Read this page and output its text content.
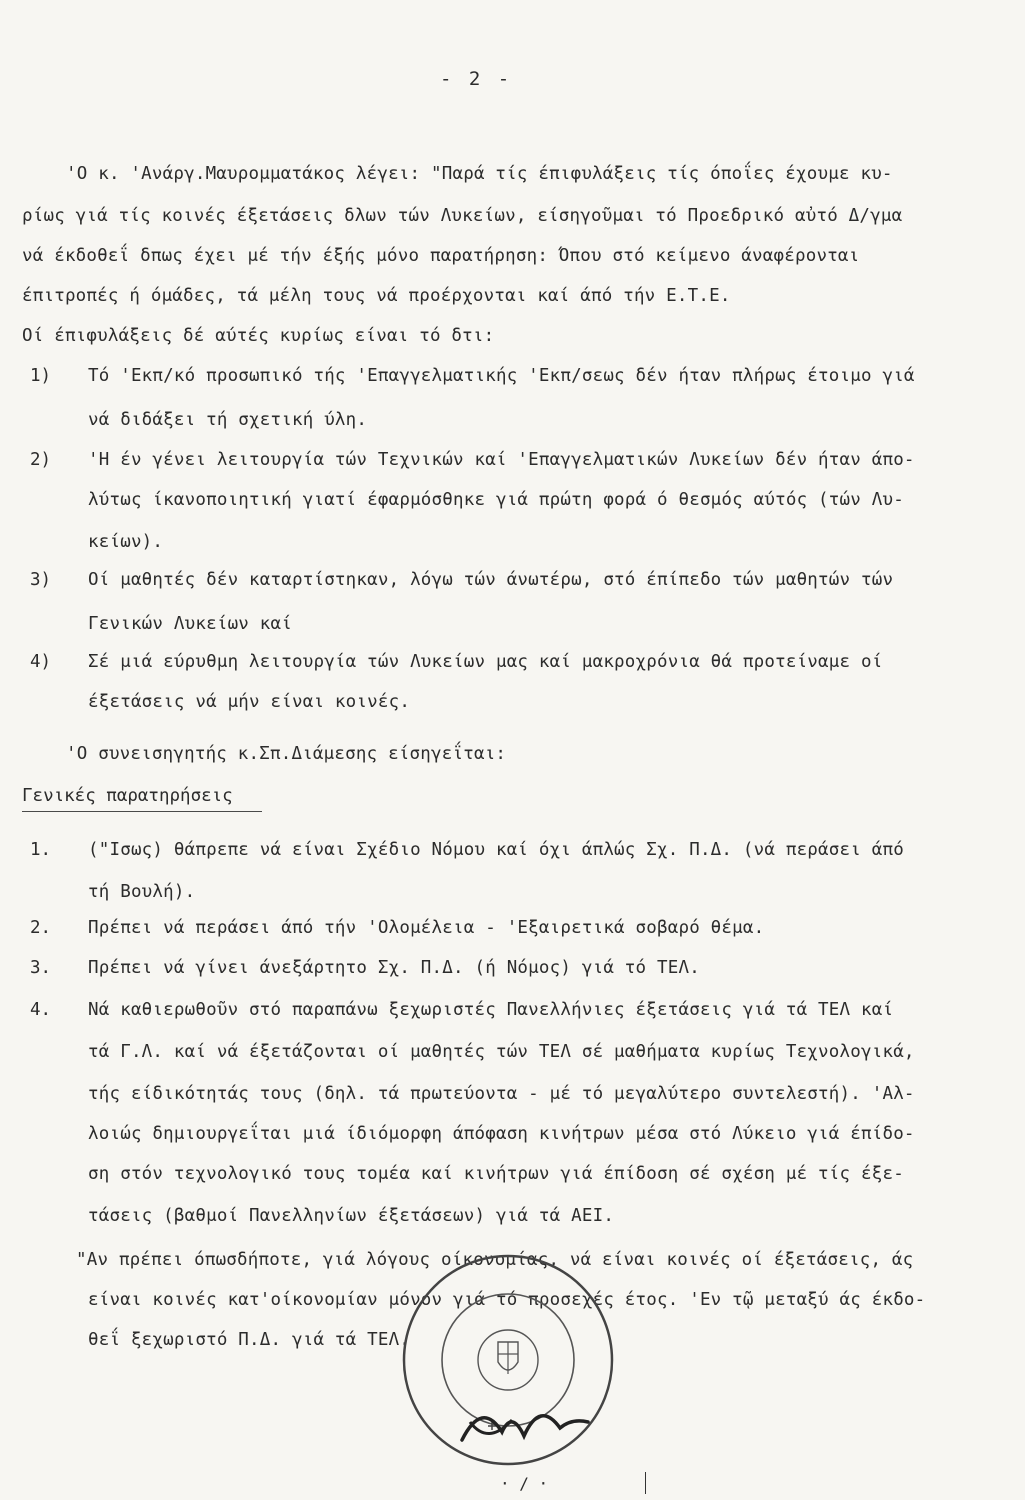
- 2 -
'Ο κ. 'Ανάργ.Μαυρομματάκος λέγει: "Παρά τίς έπιφυλάξεις τίς όποΐες έχουμε κυ-
ρίως γιά τίς κοινές έξετάσεις δλων τών Λυκείων, είσηγοῦμαι τό Προεδρικό αὐτό Δ/γμα
νά έκδοθεΐ δπως έχει μέ τήν έξής μόνο παρατήρηση: Όπου στό κείμενο άναφέρονται
έπιτροπές ή όμάδες, τά μέλη τους νά προέρχονται καί άπό τήν Ε.Τ.Ε.
Οί έπιφυλάξεις δέ αύτές κυρίως είναι τό δτι:
1) Τό 'Εκπ/κό προσωπικό τής 'Επαγγελματικής 'Εκπ/σεως δέν ήταν πλήρως έτοιμο γιά
νά διδάξει τή σχετική ύλη.
2) 'Η έν γένει λειτουργία τών Τεχνικών καί 'Επαγγελματικών Λυκείων δέν ήταν άπο-
λύτως ίκανοποιητική γιατί έφαρμόσθηκε γιά πρώτη φορά ό θεσμός αύτός (τών Λυ-
κείων).
3) Οί μαθητές δέν καταρτίστηκαν, λόγω τών άνωτέρω, στό έπίπεδο τών μαθητών τών
Γενικών Λυκείων καί
4) Σέ μιά εύρυθμη λειτουργία τών Λυκείων μας καί μακροχρόνια θά προτείναμε οί
έξετάσεις νά μήν είναι κοινές.
'Ο συνεισηγητής κ.Σπ.Διάμεσης είσηγεΐται:
Γενικές παρατηρήσεις
1. ("Ισως) θάπρεπε νά είναι Σχέδιο Νόμου καί όχι άπλώς Σχ. Π.Δ. (νά περάσει άπό
τή Βουλή).
2. Πρέπει νά περάσει άπό τήν 'Ολομέλεια - 'Εξαιρετικά σοβαρό θέμα.
3. Πρέπει νά γίνει άνεξάρτητο Σχ. Π.Δ. (ή Νόμος) γιά τό ΤΕΛ.
4. Νά καθιερωθοῦν στό παραπάνω ξεχωριστές Πανελλήνιες έξετάσεις γιά τά ΤΕΛ καί
τά Γ.Λ. καί νά έξετάζονται οί μαθητές τών ΤΕΛ σέ μαθήματα κυρίως Τεχνολογικά,
τής είδικότητάς τους (δηλ. τά πρωτεύοντα - μέ τό μεγαλύτερο συντελεστή). 'Αλ-
λοιώς δημιουργεΐται μιά ίδιόμορφη άπόφαση κινήτρων μέσα στό Λύκειο γιά έπίδο-
ση στόν τεχνολογικό τους τομέα καί κινήτρων γιά έπίδοση σέ σχέση μέ τίς έξε-
τάσεις (βαθμοί Πανελληνίων έξετάσεων) γιά τά ΑΕΙ.
"Αν πρέπει όπωσδήποτε, γιά λόγους οίκονομίας, νά είναι κοινές οί έξετάσεις, άς
είναι κοινές κατ'οίκονομίαν μόνον γιά τό προσεχές έτος. 'Εν τῷ μεταξύ άς έκδο-
θεΐ ξεχωριστό Π.Δ. γιά τά ΤΕΛ.
· / ·
